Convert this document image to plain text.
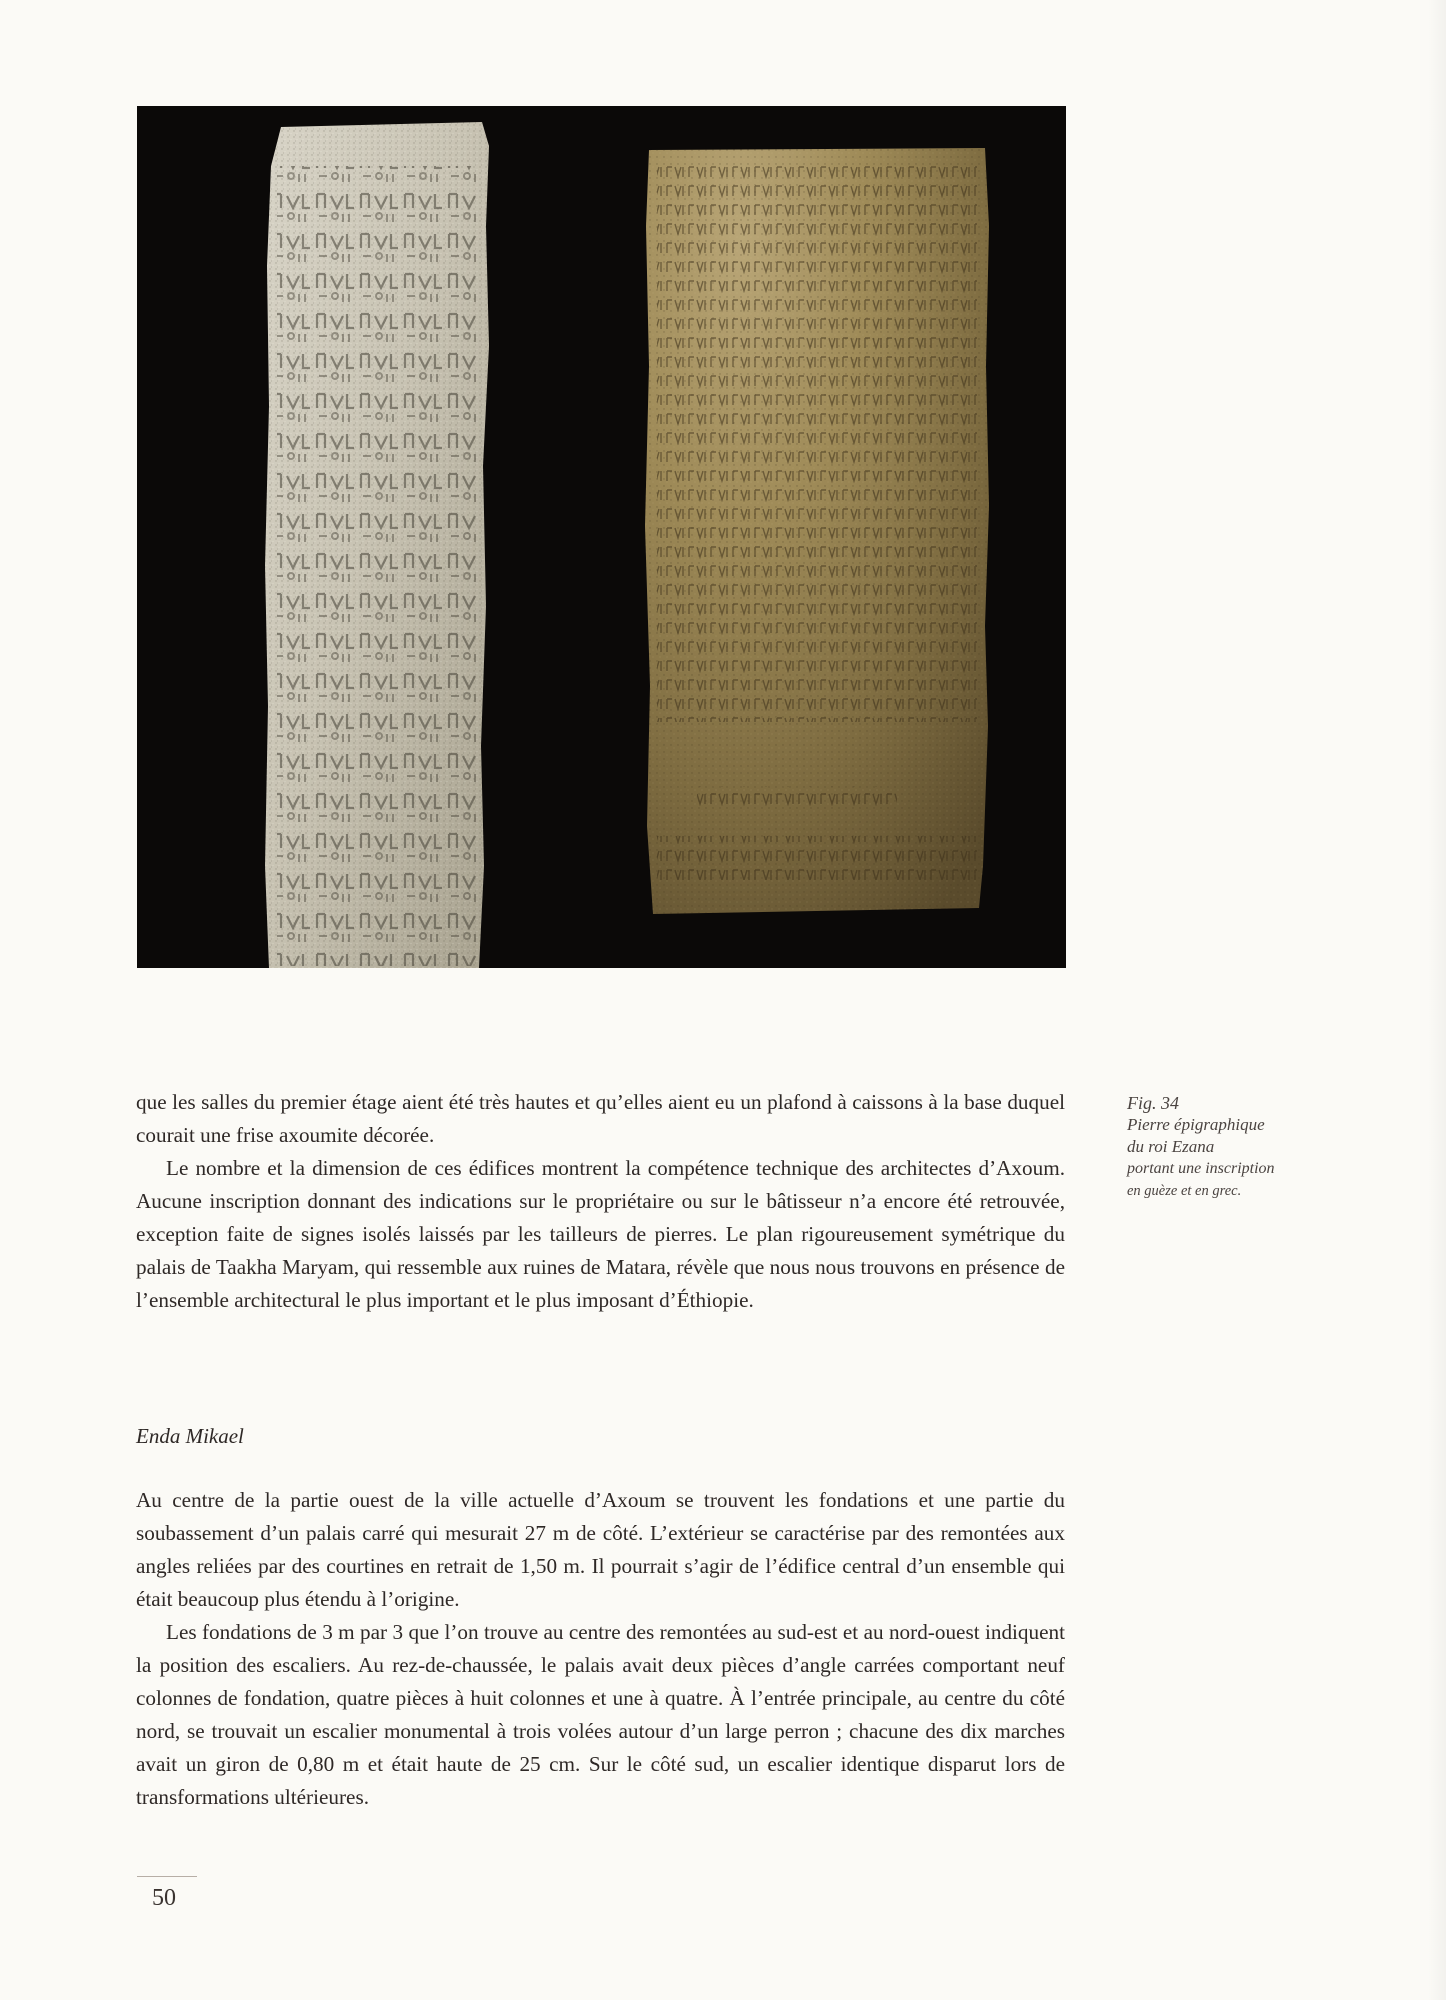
Fig. 34
Pierre épigraphique
du roi Ezana
portant une inscription
en guèze et en grec.

que les salles du premier étage aient été très hautes et qu’elles aient eu un plafond à caissons à la base duquel courait une frise axoumite décorée.

Le nombre et la dimension de ces édifices montrent la compétence technique des architectes d’Axoum. Aucune inscription donnant des indications sur le propriétaire ou sur le bâtisseur n’a encore été retrouvée, exception faite de signes isolés laissés par les tailleurs de pierres. Le plan rigoureusement symétrique du palais de Taakha Maryam, qui ressemble aux ruines de Matara, révèle que nous nous trouvons en présence de l’ensemble architectural le plus important et le plus imposant d’Éthiopie.

Enda Mikael

Au centre de la partie ouest de la ville actuelle d’Axoum se trouvent les fondations et une partie du soubassement d’un palais carré qui mesurait 27 m de côté. L’extérieur se caractérise par des remontées aux angles reliées par des courtines en retrait de 1,50 m. Il pourrait s’agir de l’édifice central d’un ensemble qui était beaucoup plus étendu à l’origine.

Les fondations de 3 m par 3 que l’on trouve au centre des remontées au sud-est et au nord-ouest indiquent la position des escaliers. Au rez-de-chaussée, le palais avait deux pièces d’angle carrées comportant neuf colonnes de fondation, quatre pièces à huit colonnes et une à quatre. À l’entrée principale, au centre du côté nord, se trouvait un escalier monumental à trois volées autour d’un large perron ; chacune des dix marches avait un giron de 0,80 m et était haute de 25 cm. Sur le côté sud, un escalier identique disparut lors de transformations ultérieures.

50
